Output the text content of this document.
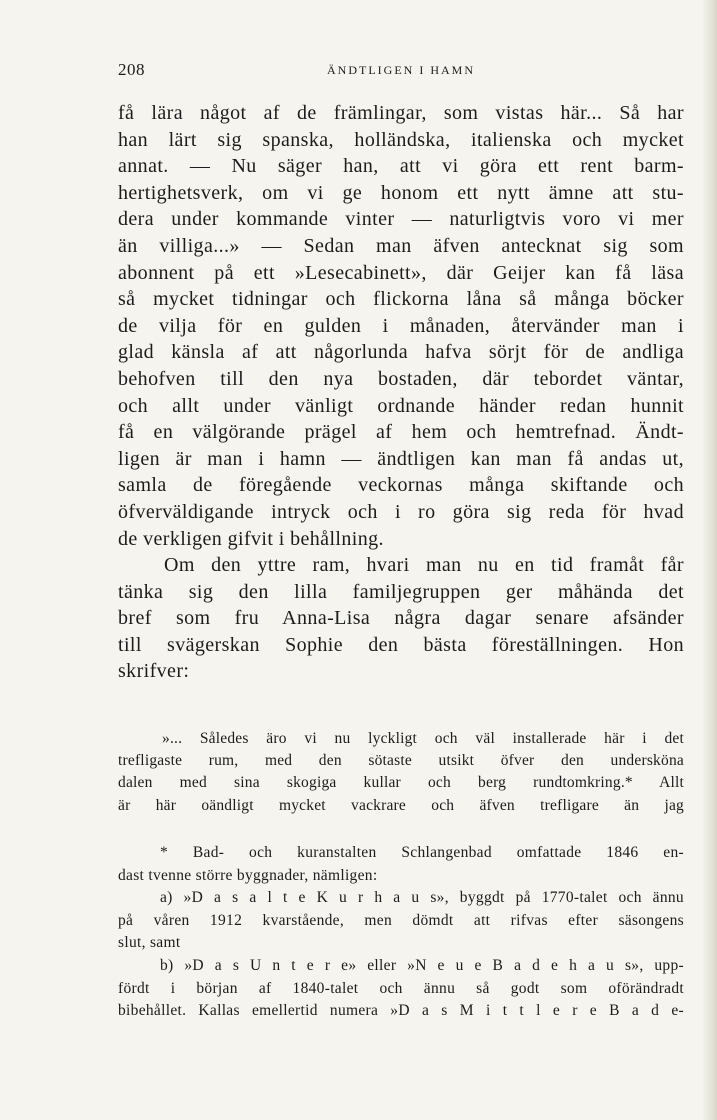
208	ÄNDTLIGEN I HAMN
få lära något af de främlingar, som vistas här... Så har
han lärt sig spanska, holländska, italienska och mycket
annat. — Nu säger han, att vi göra ett rent barm-
hertighetsverk, om vi ge honom ett nytt ämne att stu-
dera under kommande vinter — naturligtvis voro vi mer
än villiga...» — Sedan man äfven antecknat sig som
abonnent på ett »Lesecabinett», där Geijer kan få läsa
så mycket tidningar och flickorna låna så många böcker
de vilja för en gulden i månaden, återvänder man i
glad känsla af att någorlunda hafva sörjt för de andliga
behofven till den nya bostaden, där tebordet väntar,
och allt under vänligt ordnande händer redan hunnit
få en välgörande prägel af hem och hemtrefnad. Ändt-
ligen är man i hamn — ändtligen kan man få andas ut,
samla de föregående veckornas många skiftande och
öfverväldigande intryck och i ro göra sig reda för hvad
de verkligen gifvit i behållning.
Om den yttre ram, hvari man nu en tid framåt får
tänka sig den lilla familjegruppen ger måhända det
bref som fru Anna-Lisa några dagar senare afsänder
till svägerskan Sophie den bästa föreställningen. Hon
skrifver:
»... Således äro vi nu lyckligt och väl installerade här i det
trefligaste rum, med den sötaste utsikt öfver den underskönа
dalen med sina skogiga kullar och berg rundtomkring.* Allt
är här oändligt mycket vackrare och äfven trefligare än jag
* Bad- och kuranstalten Schlangenbad omfattade 1846 en-
dast tvenne större byggnader, nämligen:
a) »D a s a l t e K u r h a u s», byggdt på 1770-talet och ännu
på våren 1912 kvarstående, men dömdt att rifvas efter säsongens
slut, samt
b) »D a s U n t e r e» eller »N e u e B a d e h a u s», upp-
fördt i början af 1840-talet och ännu så godt som oförändradt
bibehållet. Kallas emellertid numera »D a s M i t t l e r e B a d e-
